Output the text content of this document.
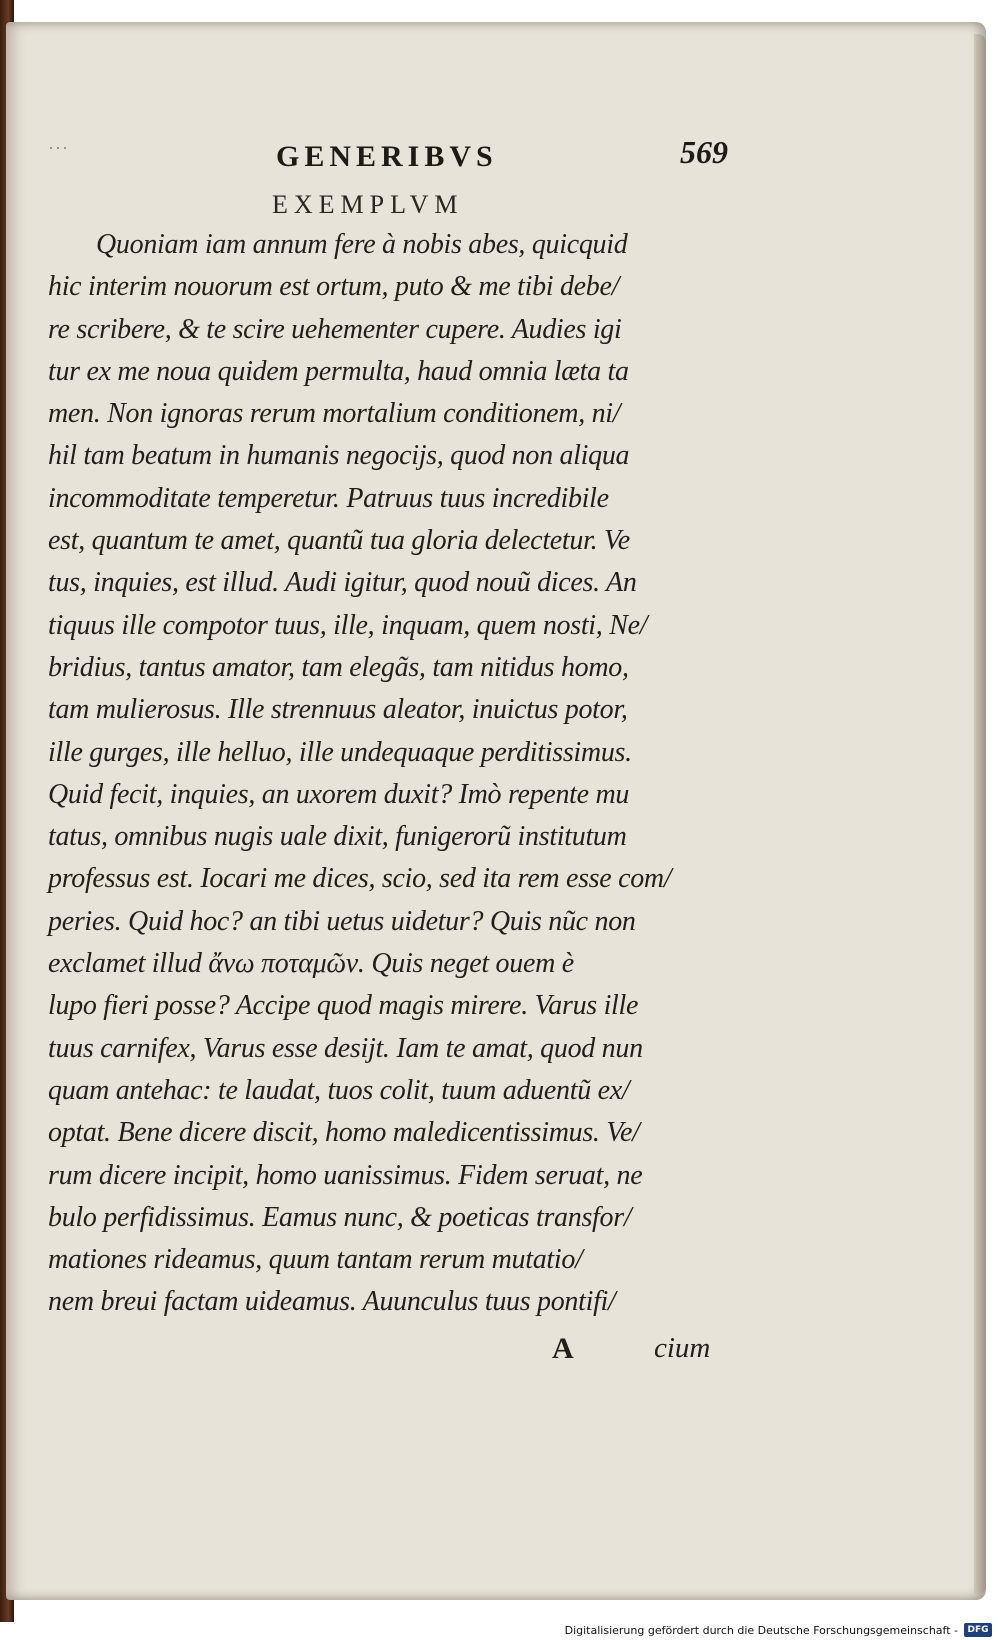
···	GENERIBVS	569
EXEMPLVM
Quoniam iam annum fere à nobis abes, quicquid
hic interim nouorum est ortum, puto & me tibi debe/
re scribere, & te scire uehementer cupere. Audies igi
tur ex me noua quidem permulta, haud omnia læta ta
men. Non ignoras rerum mortalium conditionem, ni/
hil tam beatum in humanis negocijs, quod non aliqua
incommoditate temperetur. Patruus tuus incredibile
est, quantum te amet, quantũ tua gloria delectetur. Ve
tus, inquies, est illud. Audi igitur, quod nouũ dices. An
tiquus ille compotor tuus, ille, inquam, quem nosti, Ne/
bridius, tantus amator, tam elegãs, tam nitidus homo,
tam mulierosus. Ille strennuus aleator, inuictus potor,
ille gurges, ille helluo, ille undequaque perditissimus.
Quid fecit, inquies, an uxorem duxit? Imò repente mu
tatus, omnibus nugis uale dixit, funigerorũ institutum
professus est. Iocari me dices, scio, sed ita rem esse com/
peries. Quid hoc? an tibi uetus uidetur? Quis nũc non
exclamet illud ἄνω ποταμῶν. Quis neget ouem è
lupo fieri posse? Accipe quod magis mirere. Varus ille
tuus carnifex, Varus esse desijt. Iam te amat, quod nun
quam antehac: te laudat, tuos colit, tuum aduentũ ex/
optat. Bene dicere discit, homo maledicentissimus. Ve/
rum dicere incipit, homo uanissimus. Fidem seruat, ne
bulo perfidissimus. Eamus nunc, & poeticas transfor/
mationes rideamus, quum tantam rerum mutatio/
nem breui factam uideamus. Auunculus tuus pontifi/
A	cium
Digitalisierung gefördert durch die Deutsche Forschungsgemeinschaft -	DFG
